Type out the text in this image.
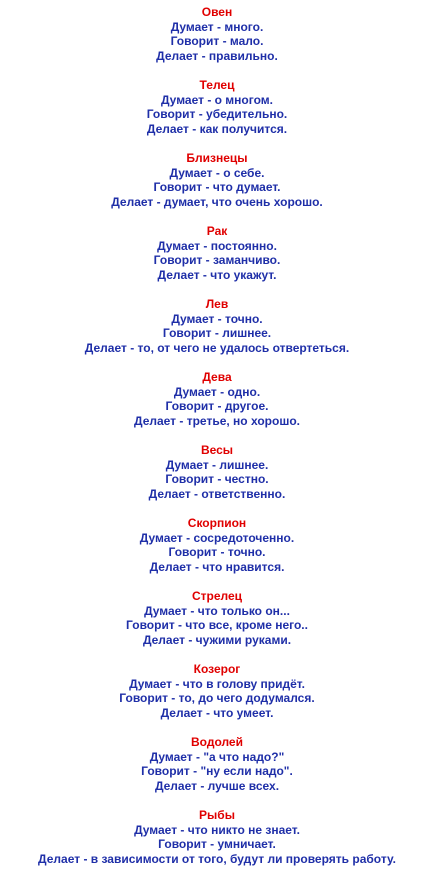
Овен
Думает - много.
Говорит - мало.
Делает - правильно.
Телец
Думает - о многом.
Говорит - убедительно.
Делает - как получится.
Близнецы
Думает - о себе.
Говорит - что думает.
Делает - думает, что очень хорошо.
Рак
Думает - постоянно.
Говорит - заманчиво.
Делает - что укажут.
Лев
Думает - точно.
Говорит - лишнее.
Делает - то, от чего не удалось отвертеться.
Дева
Думает - одно.
Говорит - другое.
Делает - третье, но хорошо.
Весы
Думает - лишнее.
Говорит - честно.
Делает - ответственно.
Скорпион
Думает - сосредоточенно.
Говорит - точно.
Делает - что нравится.
Стрелец
Думает - что только он...
Говорит - что все, кроме него..
Делает - чужими руками.
Козерог
Думает - что в голову придёт.
Говорит - то, до чего додумался.
Делает - что умеет.
Водолей
Думает - "а что надо?"
Говорит - "ну если надо".
Делает - лучше всех.
Рыбы
Думает - что никто не знает.
Говорит - умничает.
Делает - в зависимости от того, будут ли проверять работу.
